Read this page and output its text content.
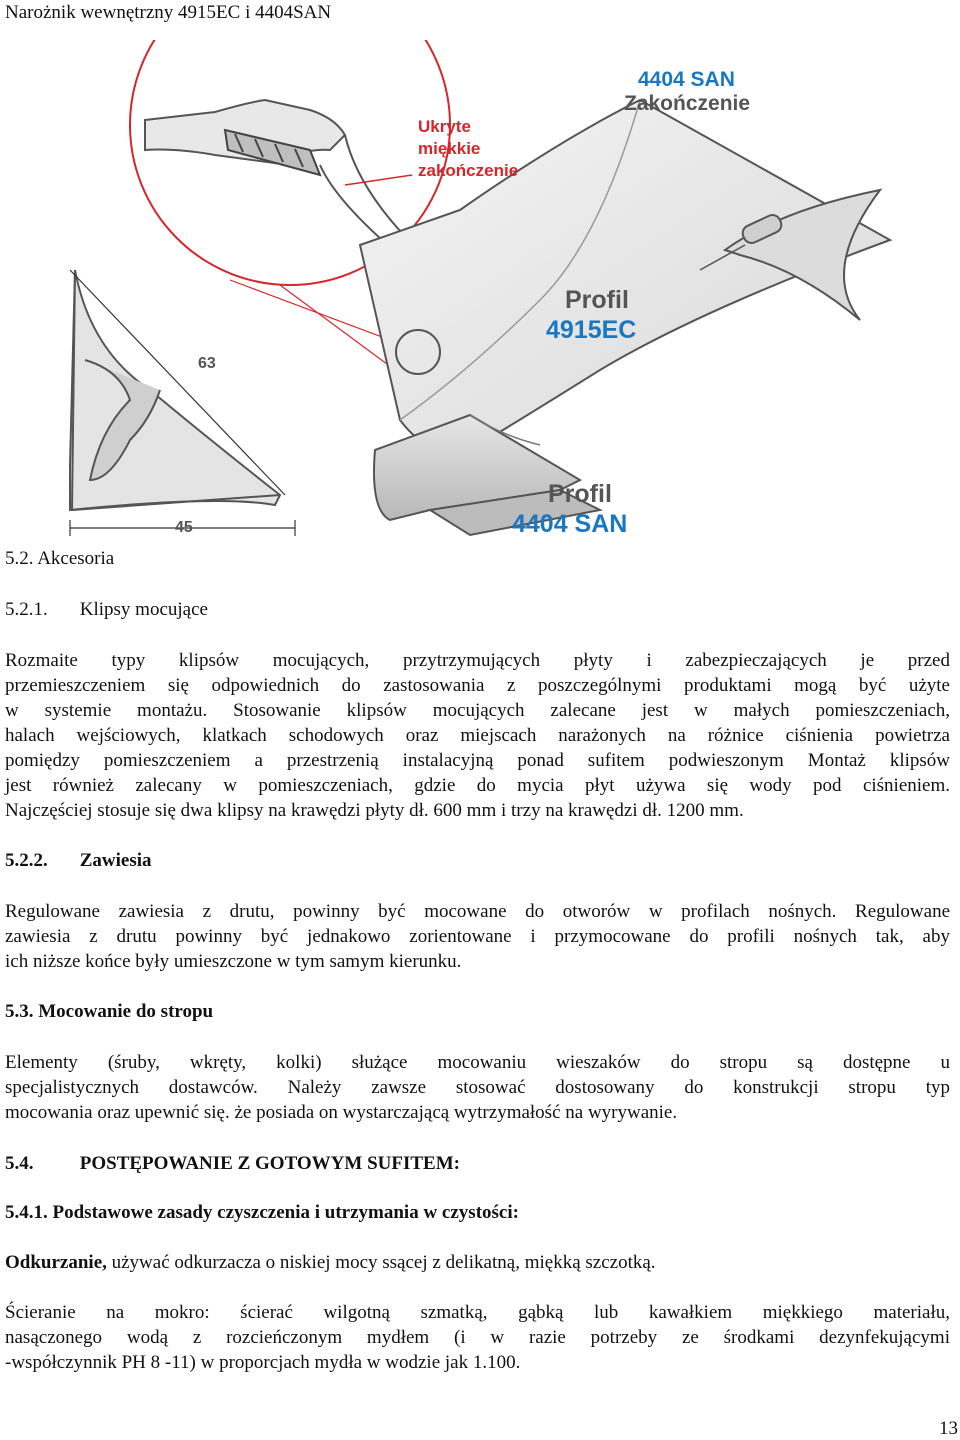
Narożnik wewnętrzny 4915EC i 4404SAN
4404 SAN
Zakończenie
Ukryte
miękkie
zakończenie
Profil
4915EC
Profil
4404 SAN
63
45
5.2. Akcesoria
5.2.1. Klipsy mocujące
Rozmaite typy klipsów mocujących, przytrzymujących płyty i zabezpieczających je przed
przemieszczeniem się odpowiednich do zastosowania z poszczególnymi produktami mogą być użyte
w systemie montażu. Stosowanie klipsów mocujących zalecane jest w małych pomieszczeniach,
halach wejściowych, klatkach schodowych oraz miejscach narażonych na różnice ciśnienia powietrza
pomiędzy pomieszczeniem a przestrzenią instalacyjną ponad sufitem podwieszonym Montaż klipsów
jest również zalecany w pomieszczeniach, gdzie do mycia płyt używa się wody pod ciśnieniem.
Najczęściej stosuje się dwa klipsy na krawędzi płyty dł. 600 mm i trzy na krawędzi dł. 1200 mm.
5.2.2. Zawiesia
Regulowane zawiesia z drutu, powinny być mocowane do otworów w profilach nośnych. Regulowane
zawiesia z drutu powinny być jednakowo zorientowane i przymocowane do profili nośnych tak, aby
ich niższe końce były umieszczone w tym samym kierunku.
5.3. Mocowanie do stropu
Elementy (śruby, wkręty, kolki) służące mocowaniu wieszaków do stropu są dostępne u
specjalistycznych dostawców. Należy zawsze stosować dostosowany do konstrukcji stropu typ
mocowania oraz upewnić się. że posiada on wystarczającą wytrzymałość na wyrywanie.
5.4. POSTĘPOWANIE Z GOTOWYM SUFITEM:
5.4.1. Podstawowe zasady czyszczenia i utrzymania w czystości:
Odkurzanie, używać odkurzacza o niskiej mocy ssącej z delikatną, miękką szczotką.
Ścieranie na mokro: ścierać wilgotną szmatką, gąbką lub kawałkiem miękkiego materiału,
nasączonego wodą z rozcieńczonym mydłem (i w razie potrzeby ze środkami dezynfekującymi
-współczynnik PH 8 -11) w proporcjach mydła w wodzie jak 1.100.
13
